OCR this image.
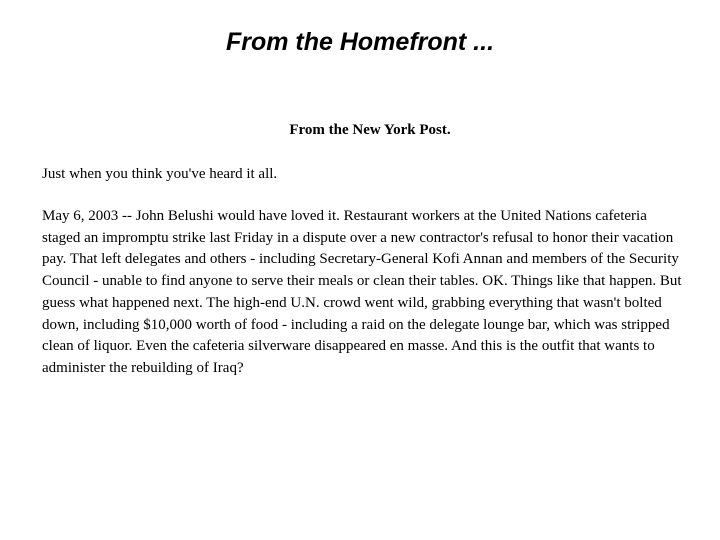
From the Homefront ...

From the New York Post.

Just when you think you've heard it all.

May 6, 2003 -- John Belushi would have loved it. Restaurant workers at the United Nations cafeteria staged an impromptu strike last Friday in a dispute over a new contractor's refusal to honor their vacation pay. That left delegates and others - including Secretary-General Kofi Annan and members of the Security Council - unable to find anyone to serve their meals or clean their tables. OK. Things like that happen. But guess what happened next. The high-end U.N. crowd went wild, grabbing everything that wasn't bolted down, including $10,000 worth of food - including a raid on the delegate lounge bar, which was stripped clean of liquor. Even the cafeteria silverware disappeared en masse. And this is the outfit that wants to administer the rebuilding of Iraq?
